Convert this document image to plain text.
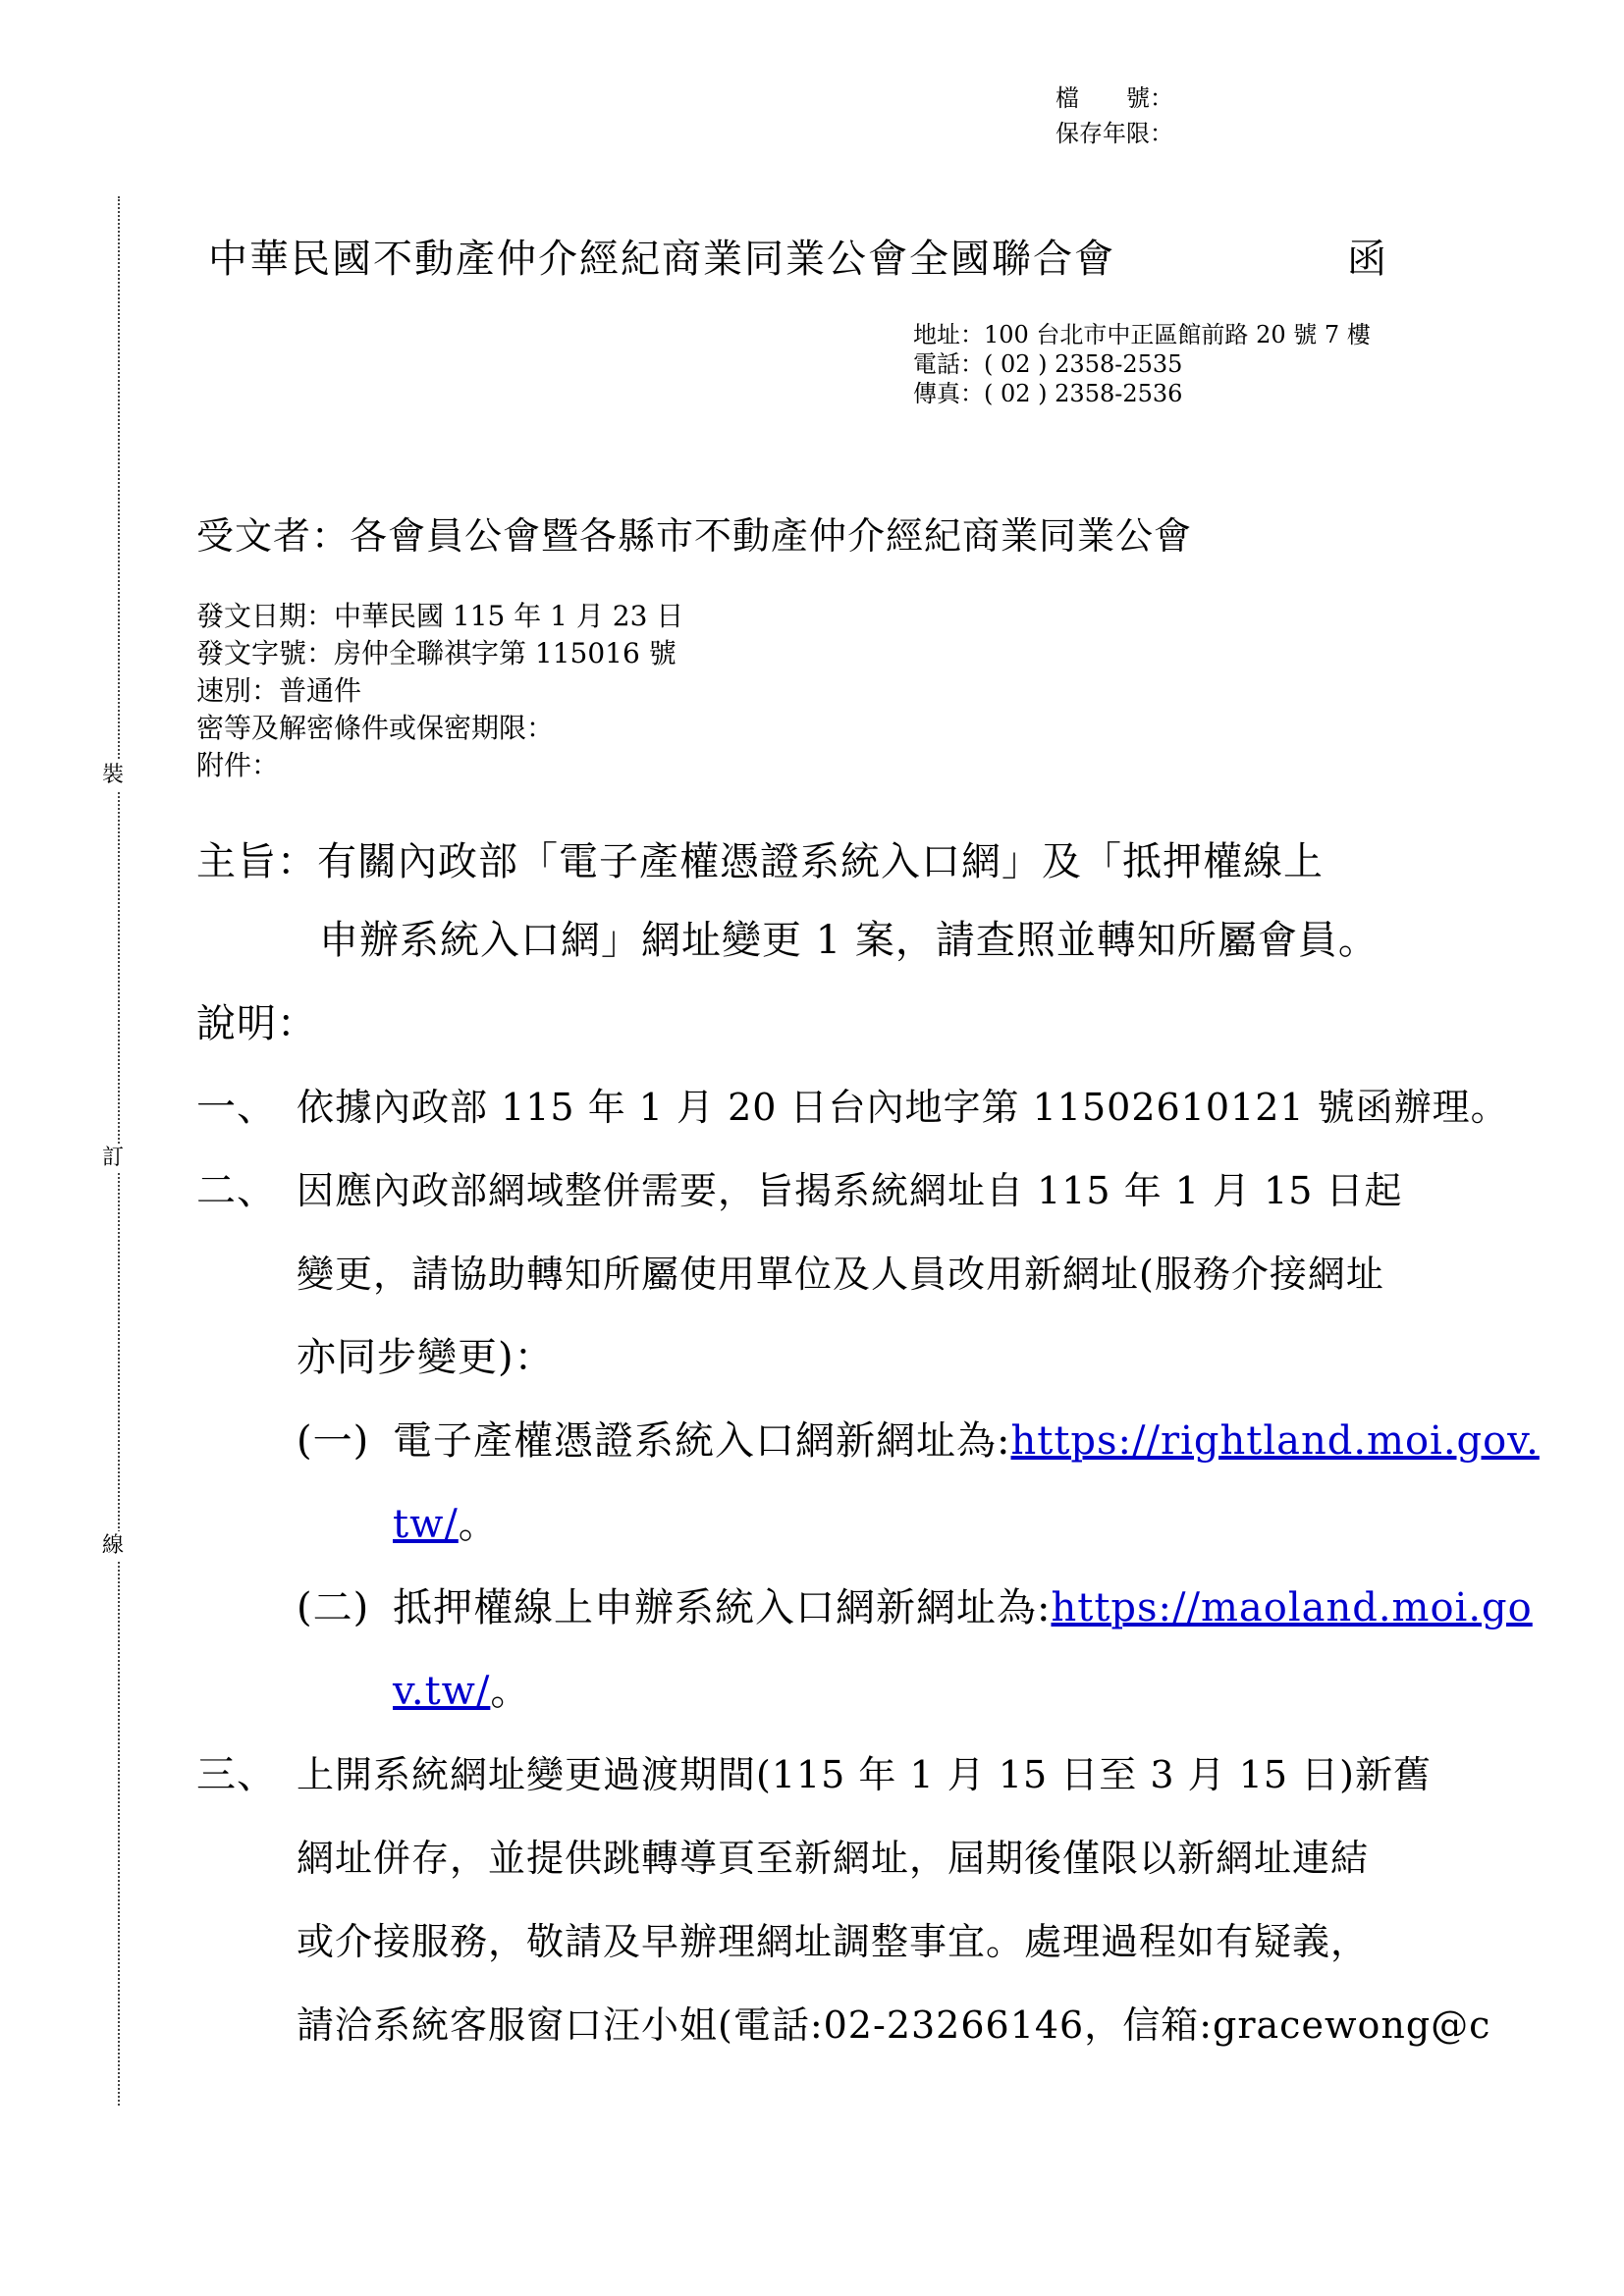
檔　　號：
保存年限：
裝
訂
線
中華民國不動產仲介經紀商業同業公會全國聯合會	函
地址：100 台北市中正區館前路 20 號 7 樓
電話：( 02 ) 2358-2535
傳真：( 02 ) 2358-2536
受文者：各會員公會暨各縣市不動產仲介經紀商業同業公會
發文日期：中華民國 115 年 1 月 23 日
發文字號：房仲全聯祺字第 115016 號
速別：普通件
密等及解密條件或保密期限：
附件：
主旨：有關內政部「電子產權憑證系統入口網」及「抵押權線上
申辦系統入口網」網址變更 1 案，請查照並轉知所屬會員。
說明：
一、 依據內政部 115 年 1 月 20 日台內地字第 11502610121 號函辦理。
二、 因應內政部網域整併需要，旨揭系統網址自 115 年 1 月 15 日起
變更，請協助轉知所屬使用單位及人員改用新網址(服務介接網址
亦同步變更)：
(一) 電子產權憑證系統入口網新網址為:https://rightland.moi.gov.
tw/。
(二) 抵押權線上申辦系統入口網新網址為:https://maoland.moi.go
v.tw/。
三、 上開系統網址變更過渡期間(115 年 1 月 15 日至 3 月 15 日)新舊
網址併存，並提供跳轉導頁至新網址，屆期後僅限以新網址連結
或介接服務，敬請及早辦理網址調整事宜。處理過程如有疑義，
請洽系統客服窗口汪小姐(電話:02-23266146，信箱:gracewong@c
